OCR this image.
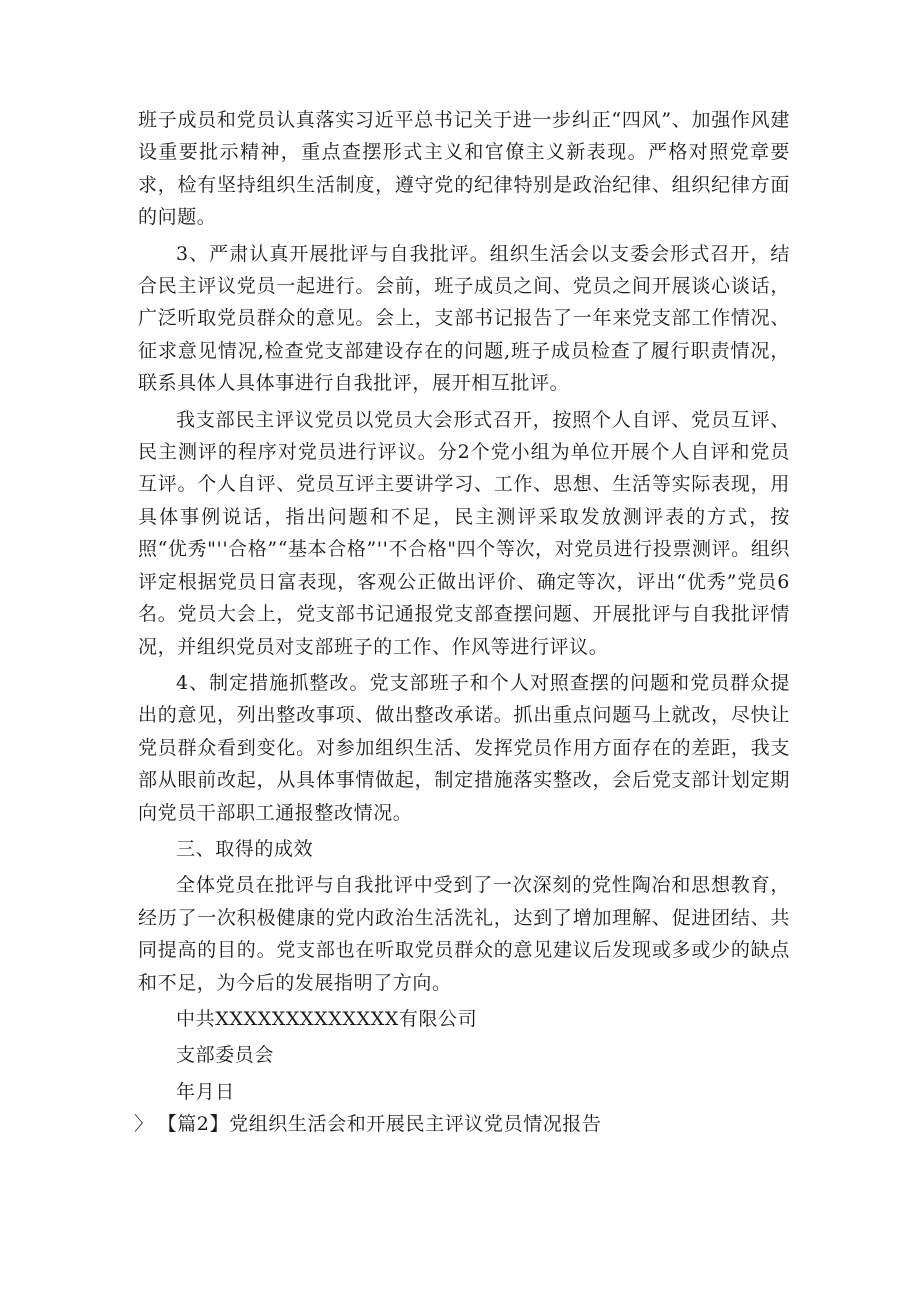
班子成员和党员认真落实习近平总书记关于进一步纠正“四风”、加强作风建设重要批示精神，重点查摆形式主义和官僚主义新表现。严格对照党章要求，检有坚持组织生活制度，遵守党的纪律特别是政治纪律、组织纪律方面的问题。

3、严肃认真开展批评与自我批评。组织生活会以支委会形式召开，结合民主评议党员一起进行。会前，班子成员之间、党员之间开展谈心谈话，广泛听取党员群众的意见。会上，支部书记报告了一年来党支部工作情况、征求意见情况,检查党支部建设存在的问题,班子成员检查了履行职责情况，联系具体人具体事进行自我批评，展开相互批评。

我支部民主评议党员以党员大会形式召开，按照个人自评、党员互评、民主测评的程序对党员进行评议。分2个党小组为单位开展个人自评和党员互评。个人自评、党员互评主要讲学习、工作、思想、生活等实际表现，用具体事例说话，指出问题和不足，民主测评采取发放测评表的方式，按照“优秀"''合格”“基本合格”''不合格"四个等次，对党员进行投票测评。组织评定根据党员日富表现，客观公正做出评价、确定等次，评出“优秀”党员6名。党员大会上，党支部书记通报党支部查摆问题、开展批评与自我批评情况，并组织党员对支部班子的工作、作风等进行评议。

4、制定措施抓整改。党支部班子和个人对照查摆的问题和党员群众提出的意见，列出整改事项、做出整改承诺。抓出重点问题马上就改，尽快让党员群众看到变化。对参加组织生活、发挥党员作用方面存在的差距，我支部从眼前改起，从具体事情做起，制定措施落实整改，会后党支部计划定期向党员干部职工通报整改情况。

三、取得的成效

全体党员在批评与自我批评中受到了一次深刻的党性陶冶和思想教育，经历了一次积极健康的党内政治生活洗礼，达到了增加理解、促进团结、共同提高的目的。党支部也在听取党员群众的意见建议后发现或多或少的缺点和不足，为今后的发展指明了方向。

中共XXXXXXXXXXXXX有限公司

支部委员会

年月日

〉 【篇2】党组织生活会和开展民主评议党员情况报告
